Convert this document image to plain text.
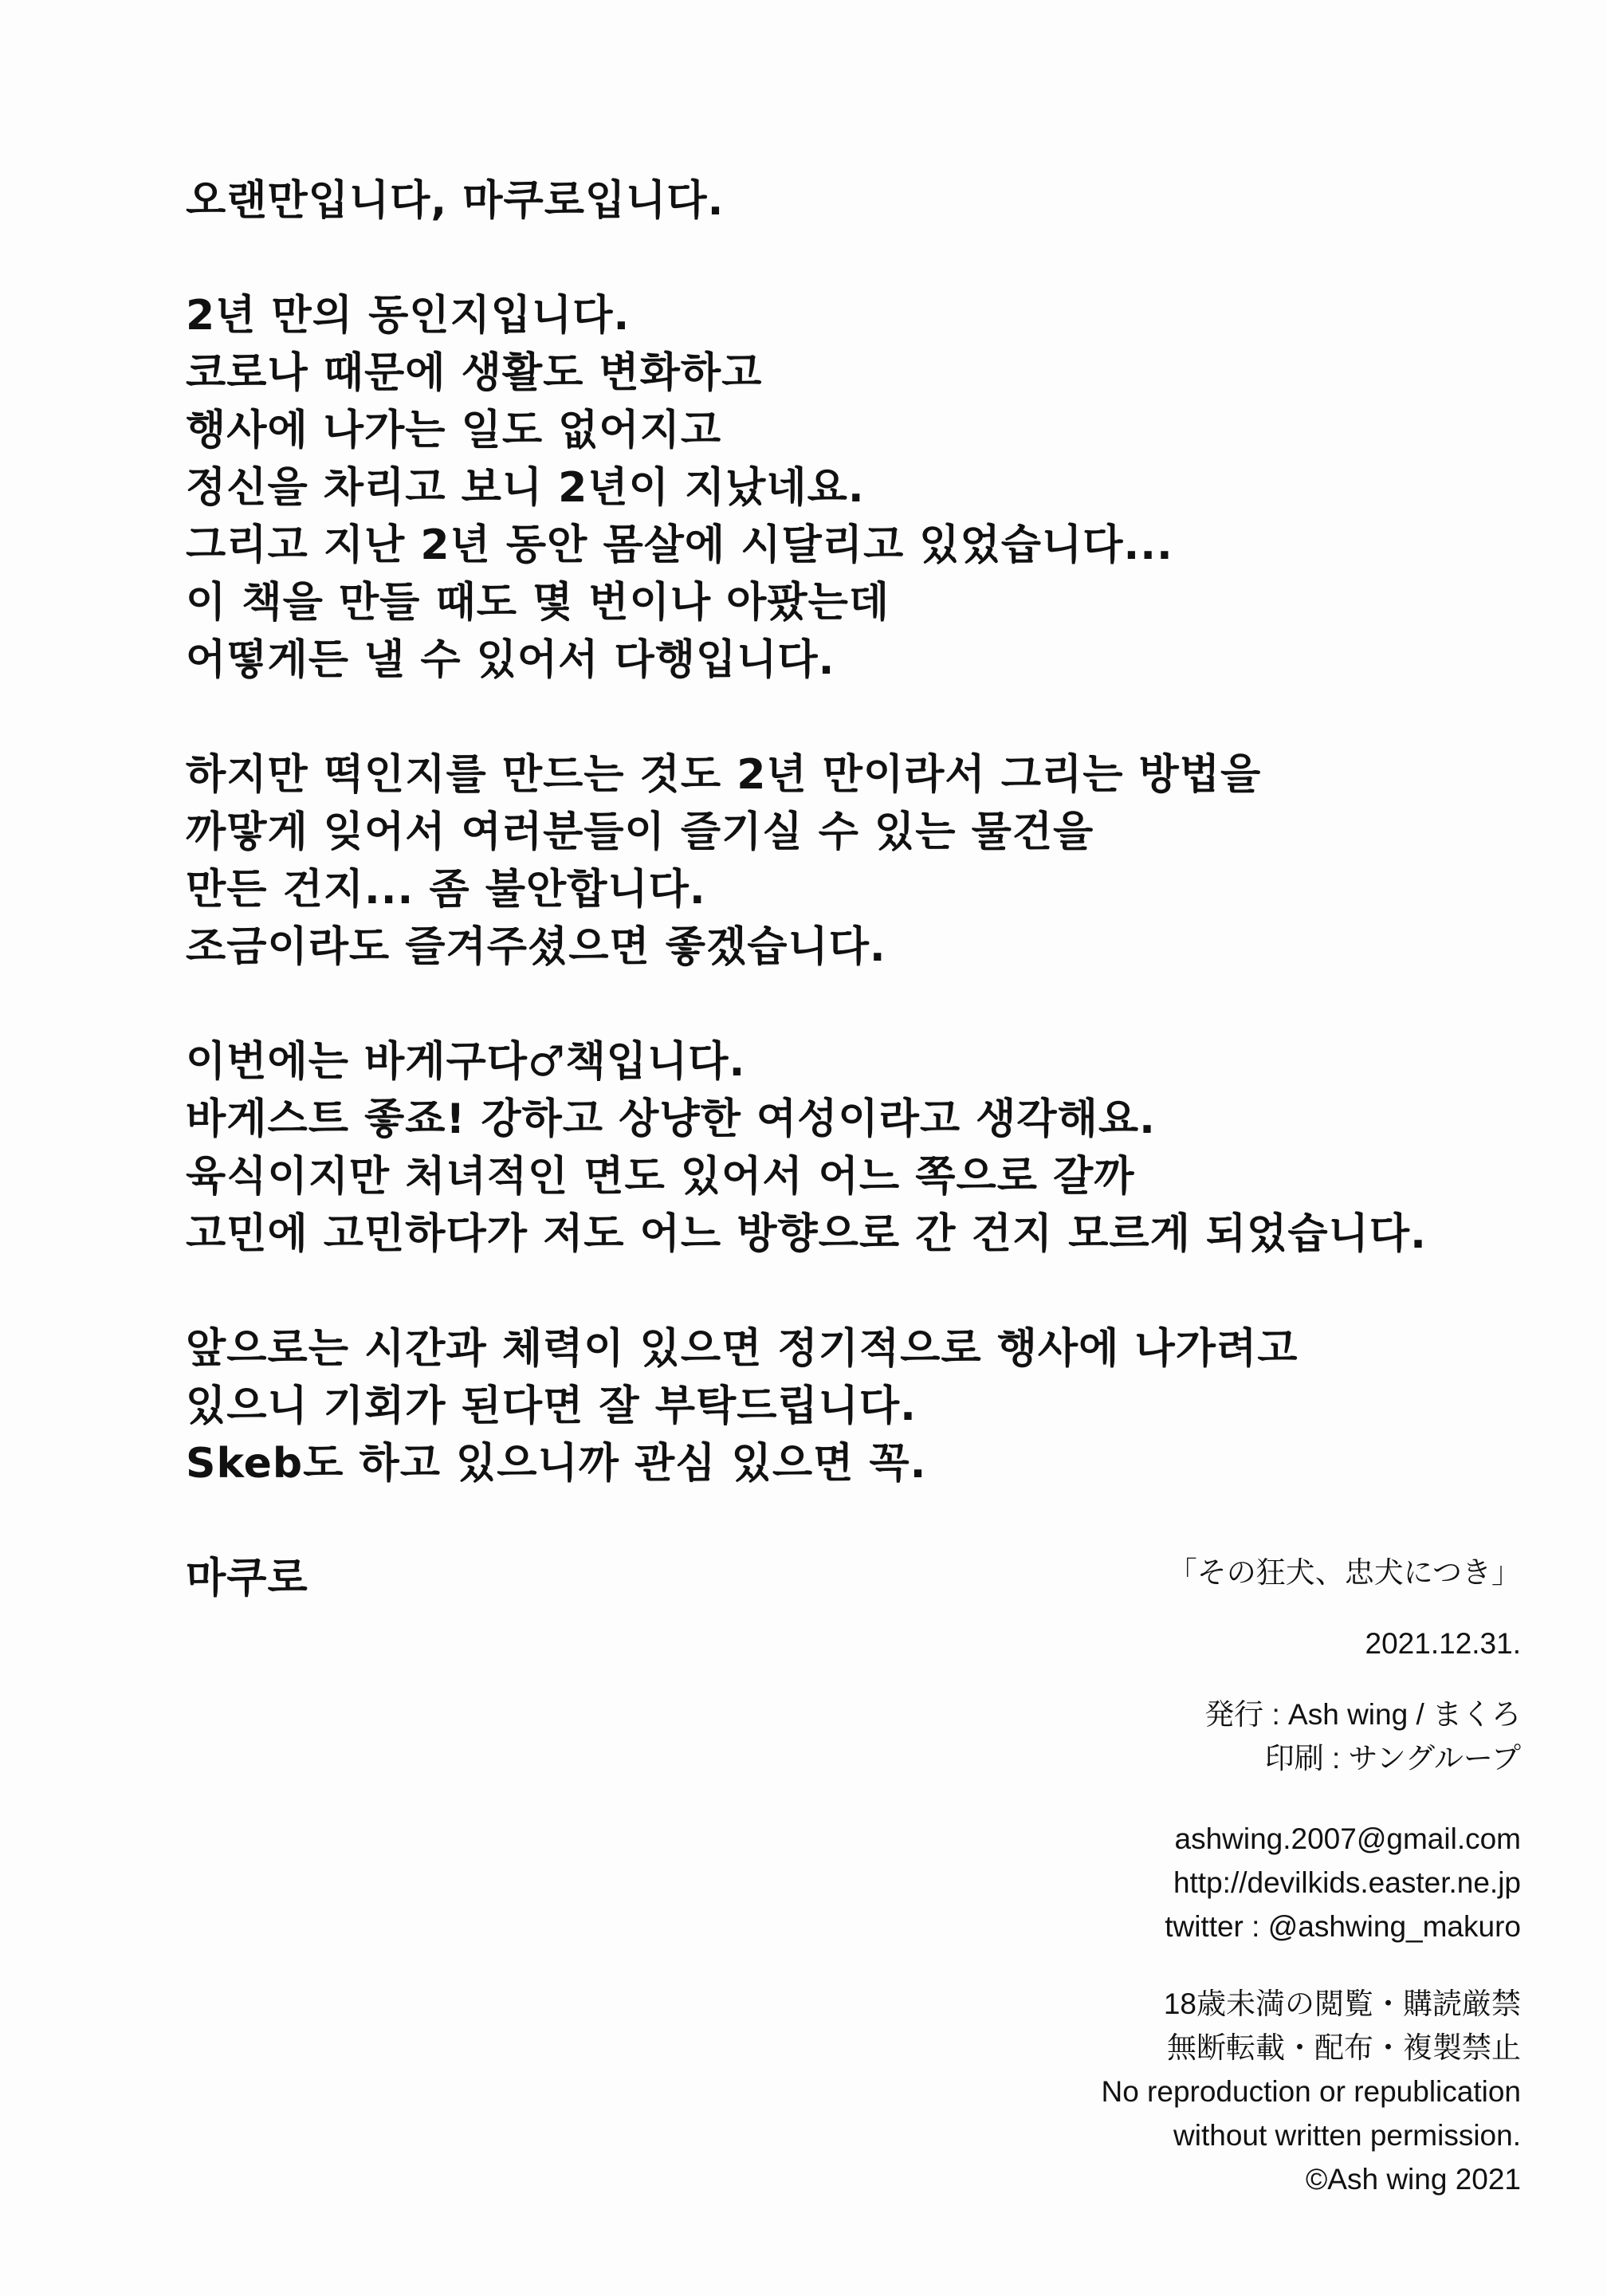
오랜만입니다, 마쿠로입니다.
2년 만의 동인지입니다.
코로나 때문에 생활도 변화하고
행사에 나가는 일도 없어지고
정신을 차리고 보니 2년이 지났네요.
그리고 지난 2년 동안 몸살에 시달리고 있었습니다...
이 책을 만들 때도 몇 번이나 아팠는데
어떻게든 낼 수 있어서 다행입니다.
하지만 떡인지를 만드는 것도 2년 만이라서 그리는 방법을
까맣게 잊어서 여러분들이 즐기실 수 있는 물건을
만든 건지... 좀 불안합니다.
조금이라도 즐겨주셨으면 좋겠습니다.
이번에는 바게구다♂책입니다.
바게스트 좋죠! 강하고 상냥한 여성이라고 생각해요.
육식이지만 처녀적인 면도 있어서 어느 쪽으로 갈까
고민에 고민하다가 저도 어느 방향으로 간 건지 모르게 되었습니다.
앞으로는 시간과 체력이 있으면 정기적으로 행사에 나가려고
있으니 기회가 된다면 잘 부탁드립니다.
Skeb도 하고 있으니까 관심 있으면 꼭.
마쿠로	「その狂犬、忠犬につき」
2021.12.31.
発行 : Ash wing / まくろ
印刷 : サングループ
ashwing.2007@gmail.com
http://devilkids.easter.ne.jp
twitter : @ashwing_makuro
18歳未満の閲覧・購読厳禁
無断転載・配布・複製禁止
No reproduction or republication
without written permission.
©Ash wing 2021
